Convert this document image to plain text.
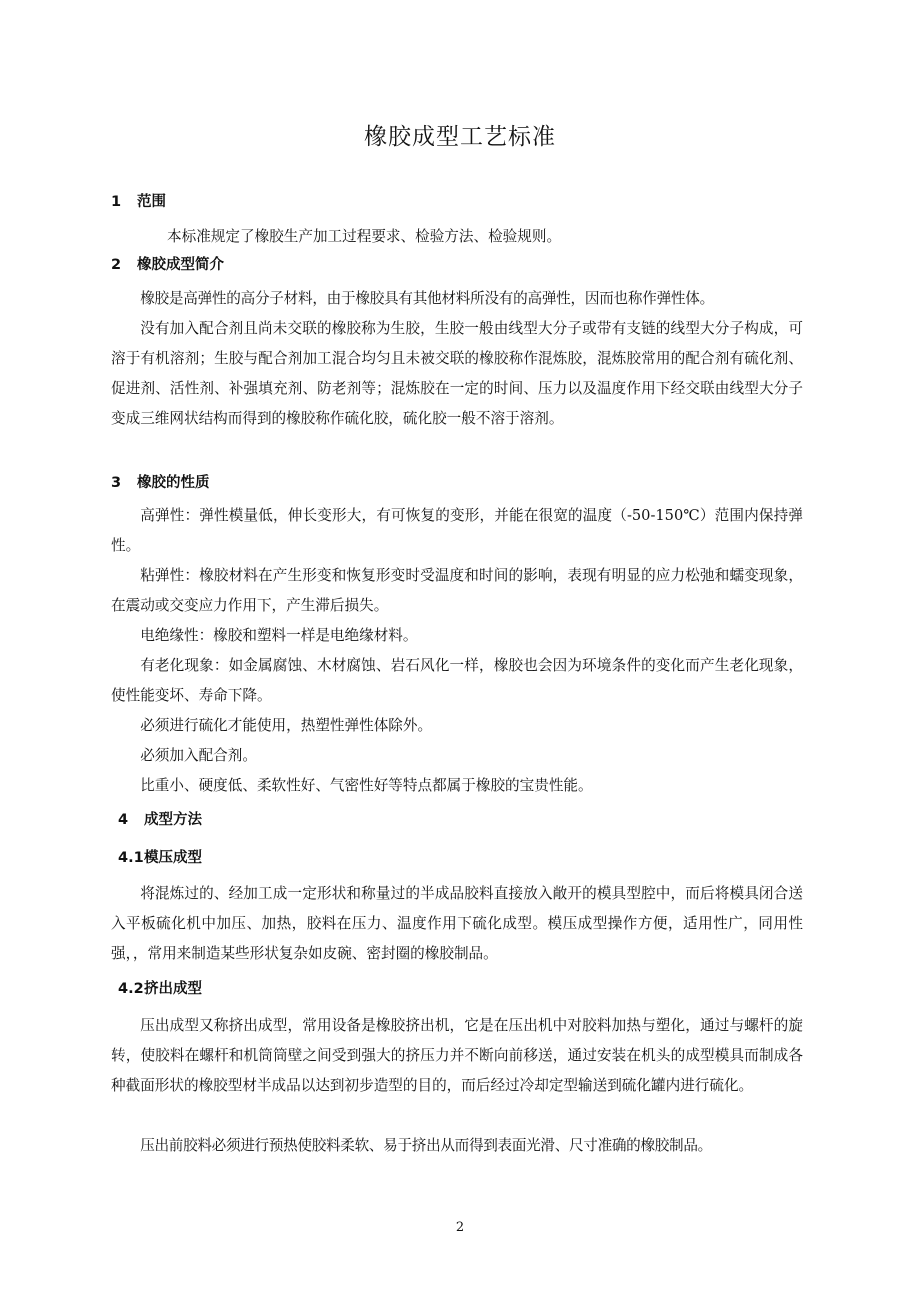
橡胶成型工艺标准
1 范围

本标准规定了橡胶生产加工过程要求、检验方法、检验规则。

2 橡胶成型简介

橡胶是高弹性的高分子材料，由于橡胶具有其他材料所没有的高弹性，因而也称作弹性体。

没有加入配合剂且尚未交联的橡胶称为生胶，生胶一般由线型大分子或带有支链的线型大分子构成，可溶于有机溶剂；生胶与配合剂加工混合均匀且未被交联的橡胶称作混炼胶，混炼胶常用的配合剂有硫化剂、促进剂、活性剂、补强填充剂、防老剂等；混炼胶在一定的时间、压力以及温度作用下经交联由线型大分子变成三维网状结构而得到的橡胶称作硫化胶，硫化胶一般不溶于溶剂。

3 橡胶的性质

高弹性：弹性模量低，伸长变形大，有可恢复的变形，并能在很宽的温度（-50-150℃）范围内保持弹性。

粘弹性：橡胶材料在产生形变和恢复形变时受温度和时间的影响，表现有明显的应力松弛和蠕变现象，在震动或交变应力作用下，产生滞后损失。

电绝缘性：橡胶和塑料一样是电绝缘材料。

有老化现象：如金属腐蚀、木材腐蚀、岩石风化一样，橡胶也会因为环境条件的变化而产生老化现象，使性能变坏、寿命下降。

必须进行硫化才能使用，热塑性弹性体除外。

必须加入配合剂。

比重小、硬度低、柔软性好、气密性好等特点都属于橡胶的宝贵性能。

4 成型方法
4.1模压成型

将混炼过的、经加工成一定形状和称量过的半成品胶料直接放入敞开的模具型腔中，而后将模具闭合送入平板硫化机中加压、加热，胶料在压力、温度作用下硫化成型。模压成型操作方便，适用性广，同用性强，，常用来制造某些形状复杂如皮碗、密封圈的橡胶制品。

4.2挤出成型

压出成型又称挤出成型，常用设备是橡胶挤出机，它是在压出机中对胶料加热与塑化，通过与螺杆的旋转，使胶料在螺杆和机筒筒壁之间受到强大的挤压力并不断向前移送，通过安装在机头的成型模具而制成各种截面形状的橡胶型材半成品以达到初步造型的目的，而后经过冷却定型输送到硫化罐内进行硫化。

压出前胶料必须进行预热使胶料柔软、易于挤出从而得到表面光滑、尺寸准确的橡胶制品。

2
